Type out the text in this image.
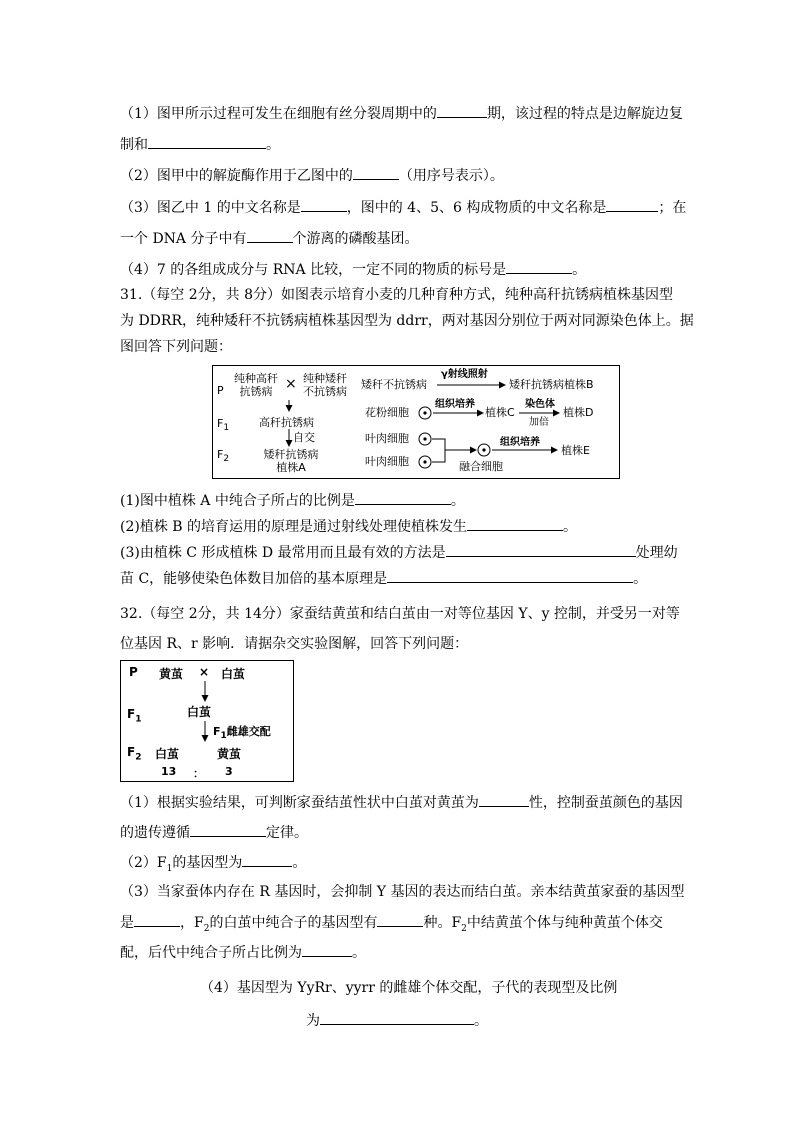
（1）图甲所示过程可发生在细胞有丝分裂周期中的	期，该过程的特点是边解旋边复
制和	。
（2）图甲中的解旋酶作用于乙图中的	（用序号表示）。
（3）图乙中 1 的中文名称是	，图中的 4、5、6 构成物质的中文名称是	；在
一个 DNA 分子中有	个游离的磷酸基团。
（4）7 的各组成成分与 RNA 比较，一定不同的物质的标号是	。
31.（每空 2分，共 8分）如图表示培育小麦的几种育种方式，纯种高秆抗锈病植株基因型
为 DDRR，纯种矮秆不抗锈病植株基因型为 ddrr，两对基因分别位于两对同源染色体上。据
图回答下列问题：
P
$F_1$
$F_2$
纯种高秆
抗锈病 × 纯种矮秆
不抗锈病
高秆抗锈病
自交
矮秆抗锈病
植株A
矮秆不抗锈病
γ射线照射
矮秆抗锈病植株B
花粉细胞
组织培养
植株C
染色体
加倍
植株D
叶肉细胞
叶肉细胞	融合细胞
组织培养
植株E
(1)图中植株 A 中纯合子所占的比例是	。
(2)植株 B 的培育运用的原理是通过射线处理使植株发生	。
(3)由植株 C 形成植株 D 最常用而且最有效的方法是	处理幼
苗 C，能够使染色体数目加倍的基本原理是	。
32.（每空 2分，共 14分）家蚕结黄茧和结白茧由一对等位基因 Y、y 控制，并受另一对等
位基因 R、r 影响．请据杂交实验图解，回答下列问题：
P 黄茧 × 白茧
$F_1$
白茧
$F_1$雌雄交配
$F_2$ 白茧	黄茧
13 ： 3
（1）根据实验结果，可判断家蚕结茧性状中白茧对黄茧为	性，控制蚕茧颜色的基因
的遗传遵循	定律。
$(2)F_1$的基因型为	。
（3）当家蚕体内存在 R 基因时，会抑制 Y 基因的表达而结白茧。亲本结黄茧家蚕的基因型
是	，$F_2$的白茧中纯合子的基因型有	种。$F_2$中结黄茧个体与纯种黄茧个体交
配，后代中纯合子所占比例为	。
（4）基因型为 YyRr、yyrr 的雌雄个体交配，子代的表现型及比例
为	。
